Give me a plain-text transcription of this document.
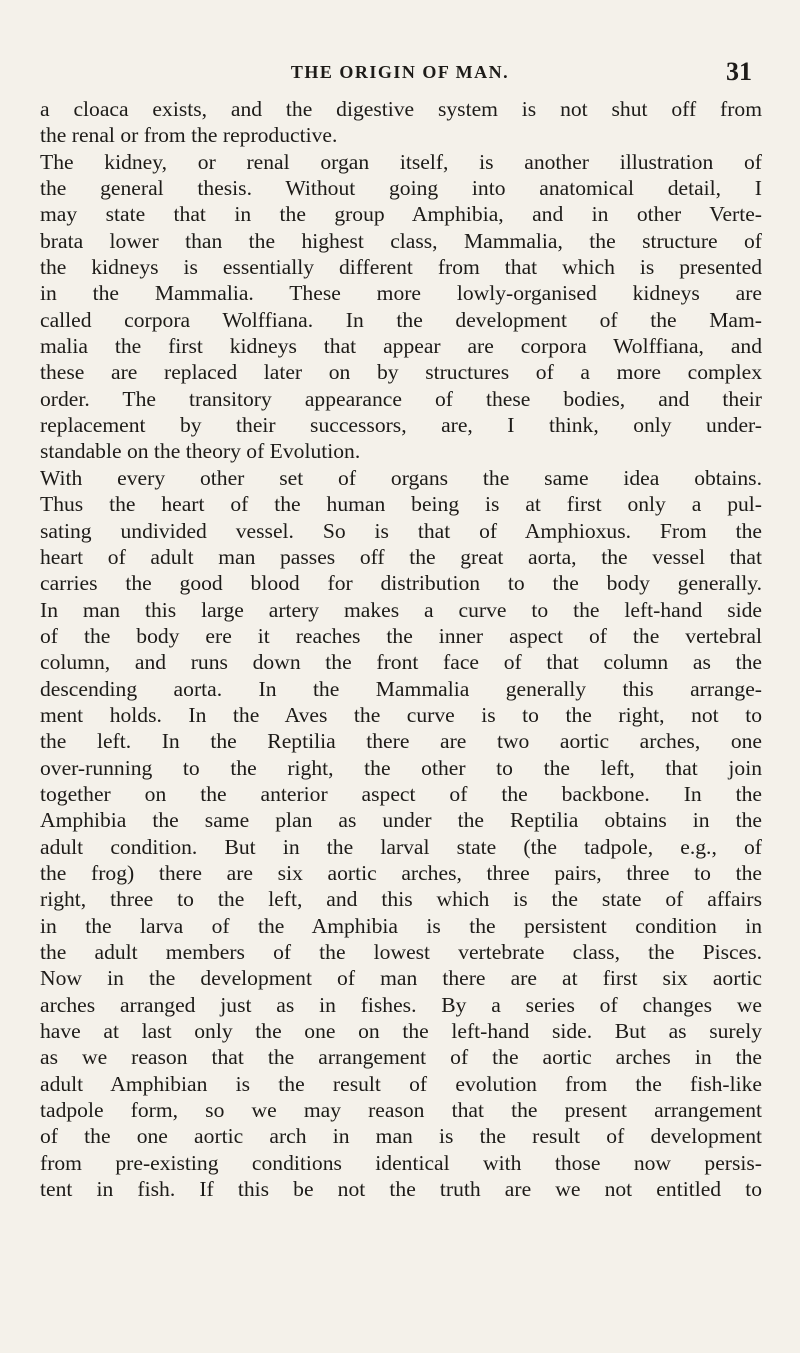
THE ORIGIN OF MAN.	31
a cloaca exists, and the digestive system is not shut off from
the renal or from the reproductive.
The kidney, or renal organ itself, is another illustration of
the general thesis. Without going into anatomical detail, I
may state that in the group Amphibia, and in other Verte-
brata lower than the highest class, Mammalia, the structure of
the kidneys is essentially different from that which is presented
in the Mammalia. These more lowly-organised kidneys are
called corpora Wolffiana. In the development of the Mam-
malia the first kidneys that appear are corpora Wolffiana, and
these are replaced later on by structures of a more complex
order. The transitory appearance of these bodies, and their
replacement by their successors, are, I think, only under-
standable on the theory of Evolution.
With every other set of organs the same idea obtains.
Thus the heart of the human being is at first only a pul-
sating undivided vessel. So is that of Amphioxus. From the
heart of adult man passes off the great aorta, the vessel that
carries the good blood for distribution to the body generally.
In man this large artery makes a curve to the left-hand side
of the body ere it reaches the inner aspect of the vertebral
column, and runs down the front face of that column as the
descending aorta. In the Mammalia generally this arrange-
ment holds. In the Aves the curve is to the right, not to
the left. In the Reptilia there are two aortic arches, one
over-running to the right, the other to the left, that join
together on the anterior aspect of the backbone. In the
Amphibia the same plan as under the Reptilia obtains in the
adult condition. But in the larval state (the tadpole, e.g., of
the frog) there are six aortic arches, three pairs, three to the
right, three to the left, and this which is the state of affairs
in the larva of the Amphibia is the persistent condition in
the adult members of the lowest vertebrate class, the Pisces.
Now in the development of man there are at first six aortic
arches arranged just as in fishes. By a series of changes we
have at last only the one on the left-hand side. But as surely
as we reason that the arrangement of the aortic arches in the
adult Amphibian is the result of evolution from the fish-like
tadpole form, so we may reason that the present arrangement
of the one aortic arch in man is the result of development
from pre-existing conditions identical with those now persis-
tent in fish. If this be not the truth are we not entitled to
